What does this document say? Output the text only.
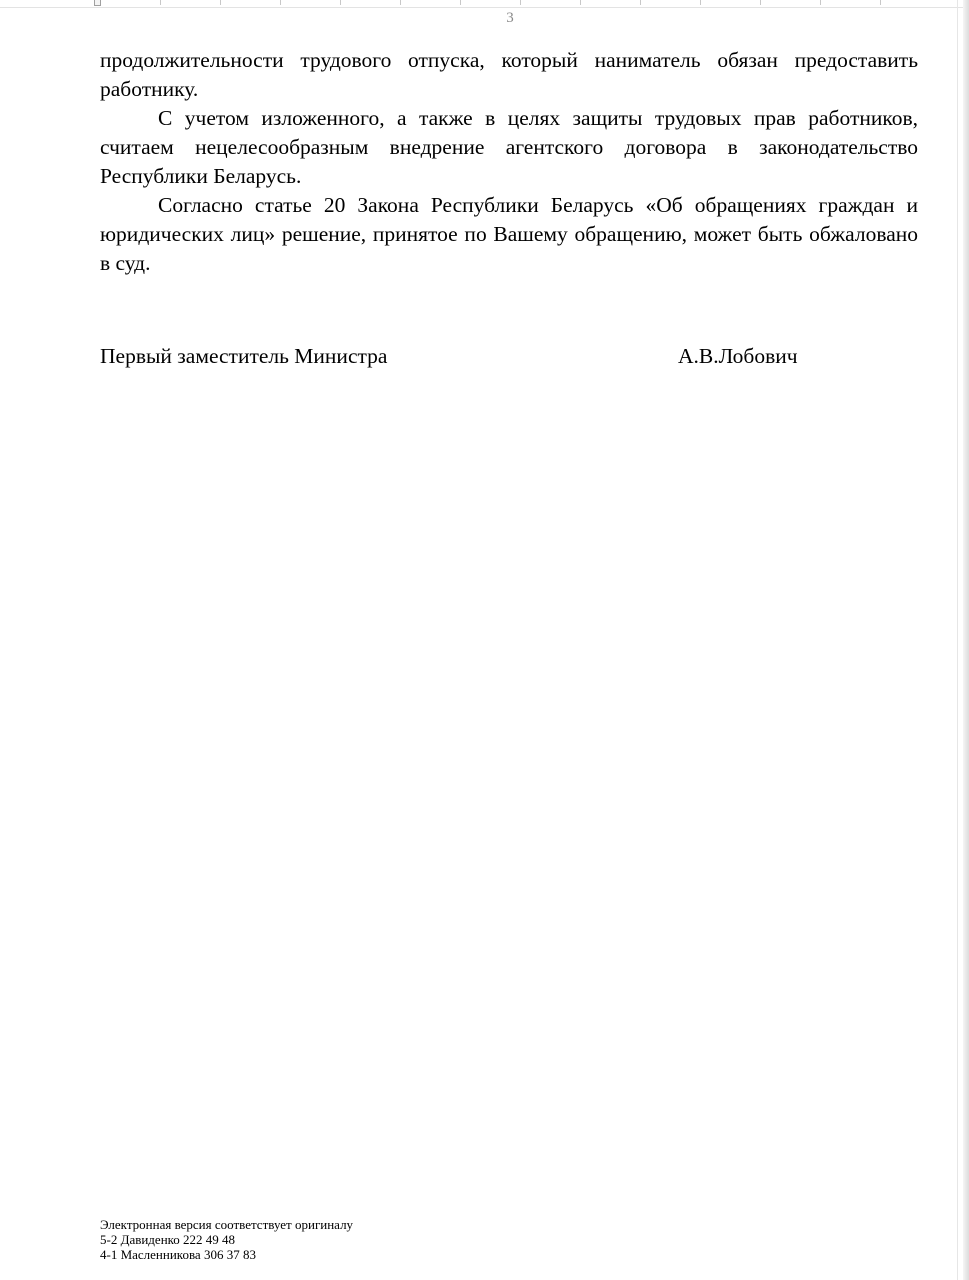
3

продолжительности трудового отпуска, который наниматель обязан предоставить работнику.

С учетом изложенного, а также в целях защиты трудовых прав работников, считаем нецелесообразным внедрение агентского договора в законодательство Республики Беларусь.

Согласно статье 20 Закона Республики Беларусь «Об обращениях граждан и юридических лиц» решение, принятое по Вашему обращению, может быть обжаловано в суд.

Первый заместитель Министра	А.В.Лобович
Электронная версия соответствует оригиналу
5-2 Давиденко 222 49 48
4-1 Масленникова 306 37 83
